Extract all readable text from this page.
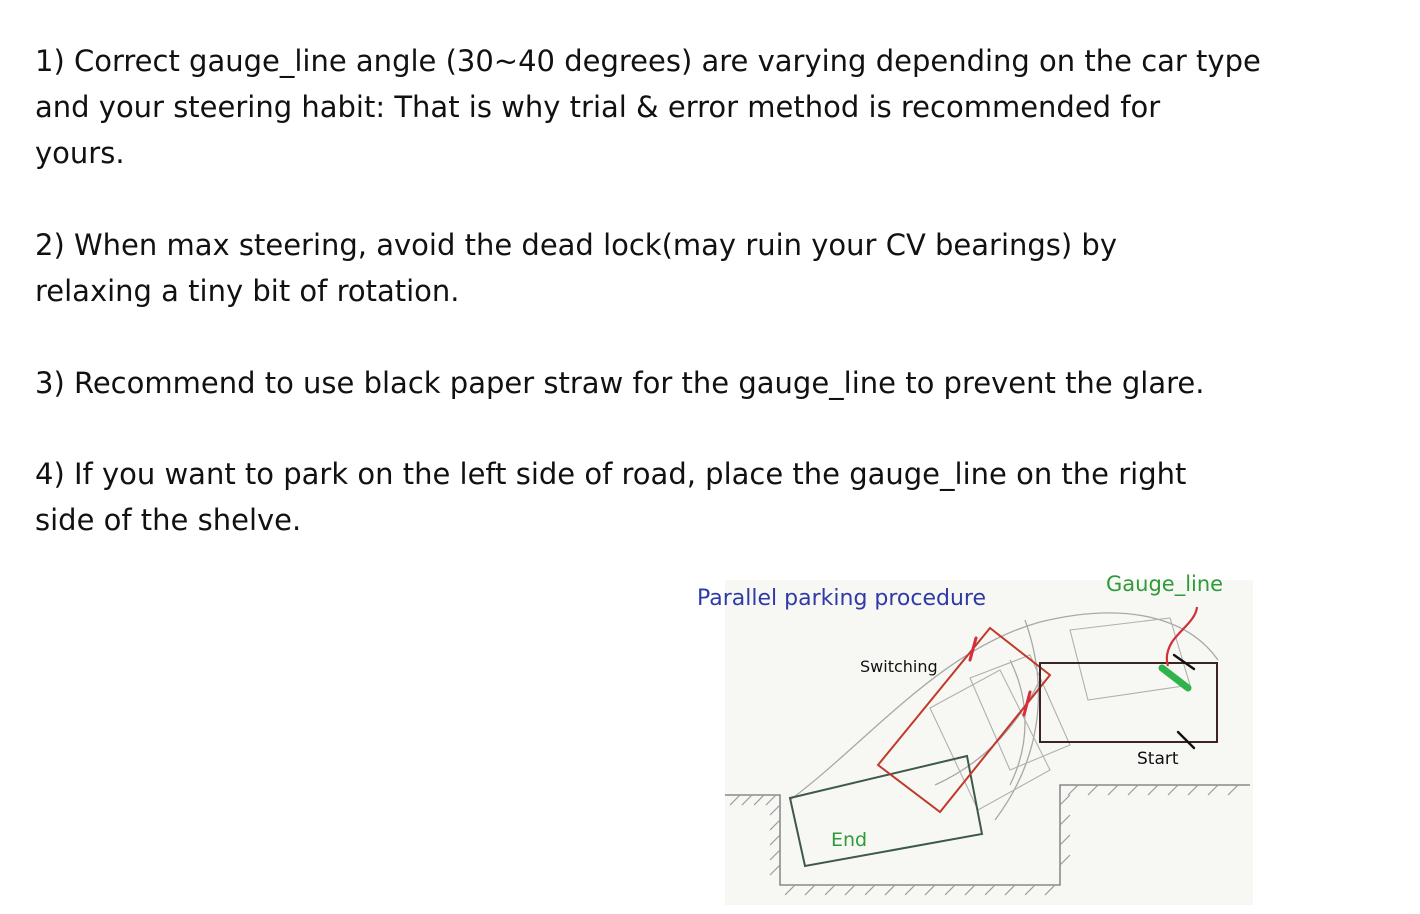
1) Correct gauge_line angle (30~40 degrees) are varying depending on the car type
and your steering habit: That is why trial & error method is recommended for
yours.

2) When max steering, avoid the dead lock(may ruin your CV bearings) by
relaxing a tiny bit of rotation.

3) Recommend to use black paper straw for the gauge_line to prevent the glare.

4) If you want to park on the left side of road, place the gauge_line on the right
side of the shelve.

Parallel parking procedure
Gauge_line
Switching
Start
End
